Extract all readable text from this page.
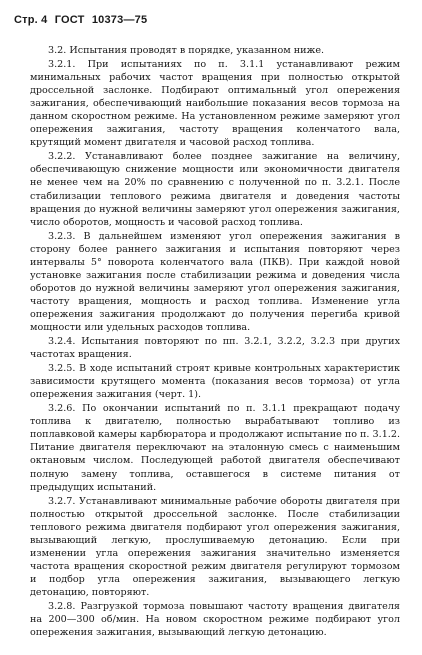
Стр. 4 ГОСТ 10373—75

3.2. Испытания проводят в порядке, указанном ниже.

3.2.1. При испытаниях по п. 3.1.1 устанавливают режим минимальных рабочих частот вращения при полностью открытой дроссельной заслонке. Подбирают оптимальный угол опережения зажигания, обеспечивающий наибольшие показания весов тормоза на данном скоростном режиме. На установленном режиме замеряют угол опережения зажигания, частоту вращения коленчатого вала, крутящий момент двигателя и часовой расход топлива.

3.2.2. Устанавливают более позднее зажигание на величину, обеспечивающую снижение мощности или экономичности двигателя не менее чем на 20% по сравнению с полученной по п. 3.2.1. После стабилизации теплового режима двигателя и доведения частоты вращения до нужной величины замеряют угол опережения зажигания, число оборотов, мощность и часовой расход топлива.

3.2.3. В дальнейшем изменяют угол опережения зажигания в сторону более раннего зажигания и испытания повторяют через интервалы 5° поворота коленчатого вала (ПКВ). При каждой новой установке зажигания после стабилизации режима и доведения числа оборотов до нужной величины замеряют угол опережения зажигания, частоту вращения, мощность и расход топлива. Изменение угла опережения зажигания продолжают до получения перегиба кривой мощности или удельных расходов топлива.

3.2.4. Испытания повторяют по пп. 3.2.1, 3.2.2, 3.2.3 при других частотах вращения.

3.2.5. В ходе испытаний строят кривые контрольных характеристик зависимости крутящего момента (показания весов тормоза) от угла опережения зажигания (черт. 1).

3.2.6. По окончании испытаний по п. 3.1.1 прекращают подачу топлива к двигателю, полностью вырабатывают топливо из поплавковой камеры карбюратора и продолжают испытание по п. 3.1.2. Питание двигателя переключают на эталонную смесь с наименьшим октановым числом. Последующей работой двигателя обеспечивают полную замену топлива, оставшегося в системе питания от предыдущих испытаний.

3.2.7. Устанавливают минимальные рабочие обороты двигателя при полностью открытой дроссельной заслонке. После стабилизации теплового режима двигателя подбирают угол опережения зажигания, вызывающий легкую, прослушиваемую детонацию. Если при изменении угла опережения зажигания значительно изменяется частота вращения скоростной режим двигателя регулируют тормозом и подбор угла опережения зажигания, вызывающего легкую детонацию, повторяют.

3.2.8. Разгрузкой тормоза повышают частоту вращения двигателя на 200—300 об/мин. На новом скоростном режиме подбирают угол опережения зажигания, вызывающий легкую детонацию.
